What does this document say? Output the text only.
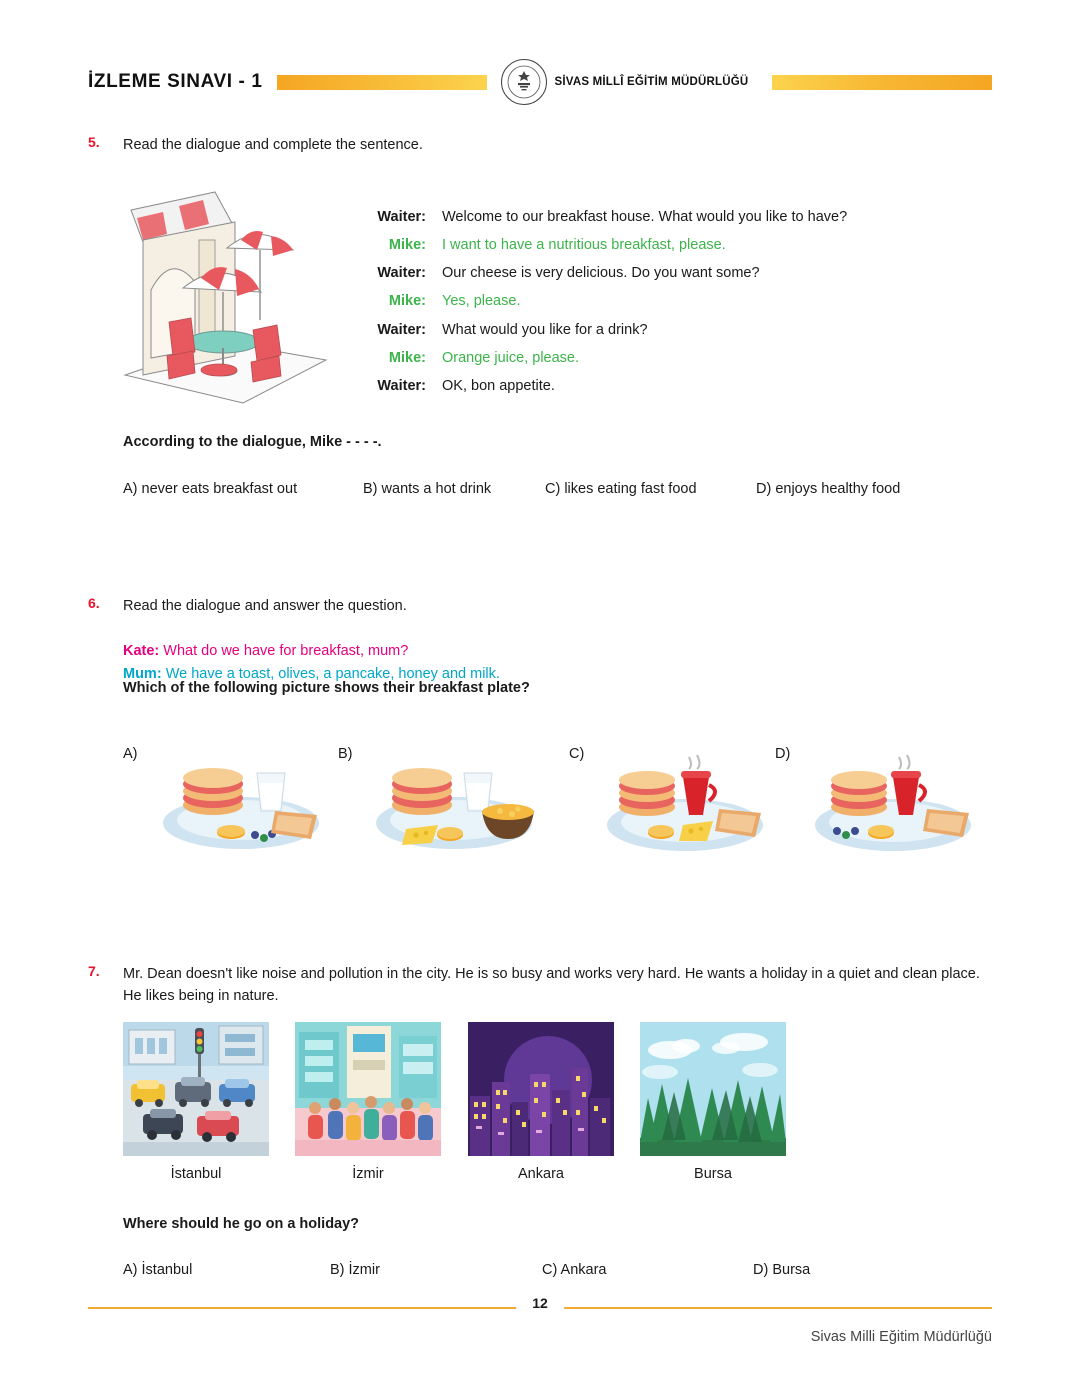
İZLEME SINAVI - 1	SİVAS MİLLÎ EĞİTİM MÜDÜRLÜĞÜ
5. Read the dialogue and complete the sentence.
Waiter: Welcome to our breakfast house. What would you like to have?
Mike: I want to have a nutritious breakfast, please.
Waiter: Our cheese is very delicious. Do you want some?
Mike: Yes, please.
Waiter: What would you like for a drink?
Mike: Orange juice, please.
Waiter: OK, bon appetite.
According to the dialogue, Mike - - - -.
A) never eats breakfast out	B) wants a hot drink	C) likes eating fast food	D) enjoys healthy food
6. Read the dialogue and answer the question.
Kate: What do we have for breakfast, mum?
Mum: We have a toast, olives, a pancake, honey and milk.
Which of the following picture shows their breakfast plate?
A)	B)	C)	D)
7. Mr. Dean doesn't like noise and pollution in the city. He is so busy and works very hard. He wants a holiday in a quiet and clean place. He likes being in nature.
İstanbul	İzmir	Ankara	Bursa
Where should he go on a holiday?
A) İstanbul	B) İzmir	C) Ankara	D) Bursa
12
Sivas Milli Eğitim Müdürlüğü
